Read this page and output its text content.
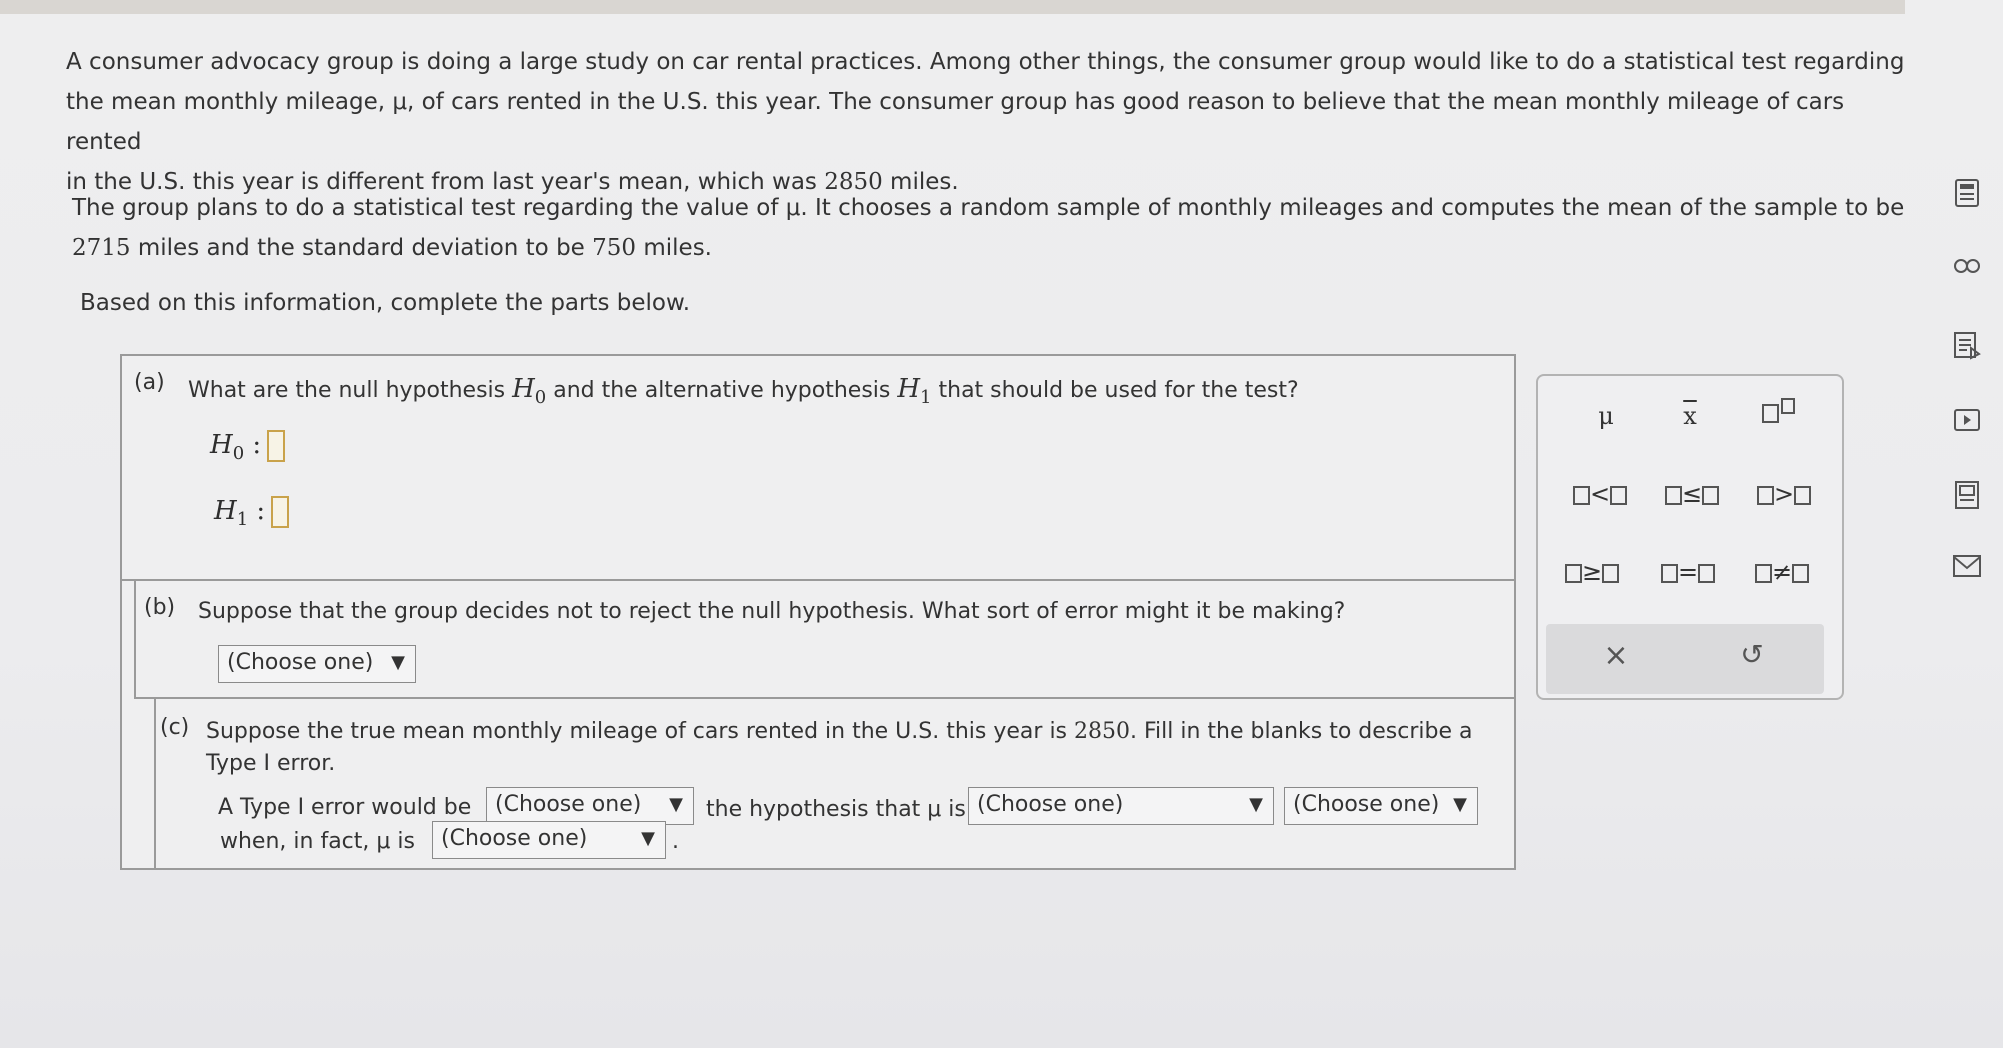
A consumer advocacy group is doing a large study on car rental practices. Among other things, the consumer group would like to do a statistical test regarding
the mean monthly mileage, μ, of cars rented in the U.S. this year. The consumer group has good reason to believe that the mean monthly mileage of cars rented
in the U.S. this year is different from last year's mean, which was 2850 miles.
The group plans to do a statistical test regarding the value of μ. It chooses a random sample of monthly mileages and computes the mean of the sample to be
2715 miles and the standard deviation to be 750 miles.
Based on this information, complete the parts below.
(a) What are the null hypothesis $H_0$ and the alternative hypothesis $H_1$ that should be used for the test?
$H_0$ :
$H_1$ :
(b) Suppose that the group decides not to reject the null hypothesis. What sort of error might it be making?
(Choose one) ▼
(c) Suppose the true mean monthly mileage of cars rented in the U.S. this year is 2850. Fill in the blanks to describe a
Type I error.
A Type I error would be	(Choose one) ▼ the hypothesis that μ is (Choose one)	▼	(Choose one) ▼
when, in fact, μ is	(Choose one)	▼ .
μ	$\overline{x}$
<	≤	>
≥	=	≠
×	↺
